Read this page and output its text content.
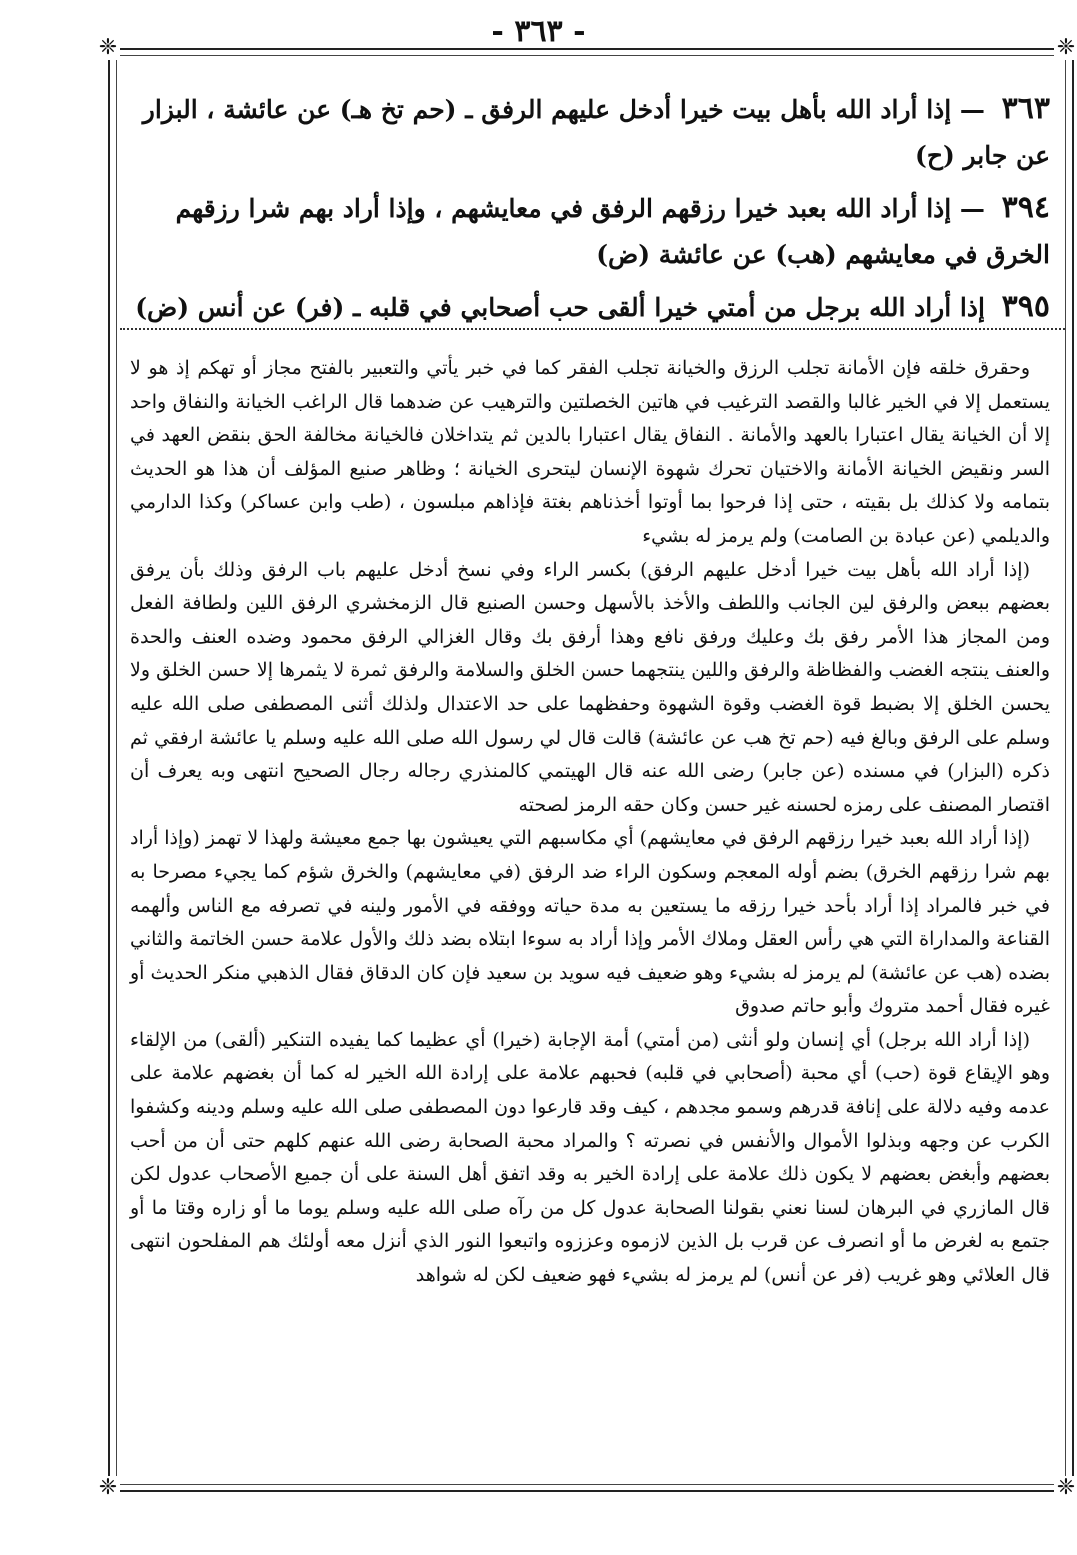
- ٣٦٣ -
❈	❈
❈	❈
٣٦٣ — إذا أراد الله بأهل بيت خيرا أدخل عليهم الرفق ـ (حم تخ هـ) عن عائشة ، البزار عن جابر (ح)
٣٩٤ — إذا أراد الله بعبد خيرا رزقهم الرفق في معايشهم ، وإذا أراد بهم شرا رزقهم الخرق في معايشهم (هب) عن عائشة (ض)
٣٩٥ إذا أراد الله برجل من أمتي خيرا ألقى حب أصحابي في قلبه ـ (فر) عن أنس (ض)

وحقرق خلقه فإن الأمانة تجلب الرزق والخيانة تجلب الفقر كما في خبر يأتي والتعبير بالفتح مجاز أو تهكم إذ هو لا يستعمل إلا في الخير غالبا والقصد الترغيب في هاتين الخصلتين والترهيب عن ضدهما قال الراغب الخيانة والنفاق واحد إلا أن الخيانة يقال اعتبارا بالعهد والأمانة . النفاق يقال اعتبارا بالدين ثم يتداخلان فالخيانة مخالفة الحق بنقض العهد في السر ونقيض الخيانة الأمانة والاختيان تحرك شهوة الإنسان ليتحرى الخيانة ؛ وظاهر صنيع المؤلف أن هذا هو الحديث بتمامه ولا كذلك بل بقيته ، حتى إذا فرحوا بما أوتوا أخذناهم بغتة فإذاهم مبلسون ، (طب وابن عساكر) وكذا الدارمي والديلمي (عن عبادة بن الصامت) ولم يرمز له بشيء

(إذا أراد الله بأهل بيت خيرا أدخل عليهم الرفق) بكسر الراء وفي نسخ أدخل عليهم باب الرفق وذلك بأن يرفق بعضهم ببعض والرفق لين الجانب واللطف والأخذ بالأسهل وحسن الصنيع قال الزمخشري الرفق اللين ولطافة الفعل ومن المجاز هذا الأمر رفق بك وعليك ورفق نافع وهذا أرفق بك وقال الغزالي الرفق محمود وضده العنف والحدة والعنف ينتجه الغضب والفظاظة والرفق واللين ينتجهما حسن الخلق والسلامة والرفق ثمرة لا يثمرها إلا حسن الخلق ولا يحسن الخلق إلا بضبط قوة الغضب وقوة الشهوة وحفظهما على حد الاعتدال ولذلك أثنى المصطفى صلى الله عليه وسلم على الرفق وبالغ فيه (حم تخ هب عن عائشة) قالت قال لي رسول الله صلى الله عليه وسلم يا عائشة ارفقي ثم ذكره (البزار) في مسنده (عن جابر) رضى الله عنه قال الهيتمي كالمنذري رجاله رجال الصحيح انتهى وبه يعرف أن اقتصار المصنف على رمزه لحسنه غير حسن وكان حقه الرمز لصحته

(إذا أراد الله بعبد خيرا رزقهم الرفق في معايشهم) أي مكاسبهم التي يعيشون بها جمع معيشة ولهذا لا تهمز (وإذا أراد بهم شرا رزقهم الخرق) بضم أوله المعجم وسكون الراء ضد الرفق (في معايشهم) والخرق شؤم كما يجيء مصرحا به في خبر فالمراد إذا أراد بأحد خيرا رزقه ما يستعين به مدة حياته ووفقه في الأمور ولينه في تصرفه مع الناس وألهمه القناعة والمداراة التي هي رأس العقل وملاك الأمر وإذا أراد به سوءا ابتلاه بضد ذلك والأول علامة حسن الخاتمة والثاني بضده (هب عن عائشة) لم يرمز له بشيء وهو ضعيف فيه سويد بن سعيد فإن كان الدقاق فقال الذهبي منكر الحديث أو غيره فقال أحمد متروك وأبو حاتم صدوق

(إذا أراد الله برجل) أي إنسان ولو أنثى (من أمتي) أمة الإجابة (خيرا) أي عظيما كما يفيده التنكير (ألقى) من الإلقاء وهو الإيقاع قوة (حب) أي محبة (أصحابي في قلبه) فحبهم علامة على إرادة الله الخير له كما أن بغضهم علامة على عدمه وفيه دلالة على إنافة قدرهم وسمو مجدهم ، كيف وقد قارعوا دون المصطفى صلى الله عليه وسلم ودينه وكشفوا الكرب عن وجهه وبذلوا الأموال والأنفس في نصرته ؟ والمراد محبة الصحابة رضى الله عنهم كلهم حتى أن من أحب بعضهم وأبغض بعضهم لا يكون ذلك علامة على إرادة الخير به وقد اتفق أهل السنة على أن جميع الأصحاب عدول لكن قال المازري في البرهان لسنا نعني بقولنا الصحابة عدول كل من رآه صلى الله عليه وسلم يوما ما أو زاره وقتا ما أو جتمع به لغرض ما أو انصرف عن قرب بل الذين لازموه وعززوه واتبعوا النور الذي أنزل معه أولئك هم المفلحون انتهى قال العلائي وهو غريب (فر عن أنس) لم يرمز له بشيء فهو ضعيف لكن له شواهد
